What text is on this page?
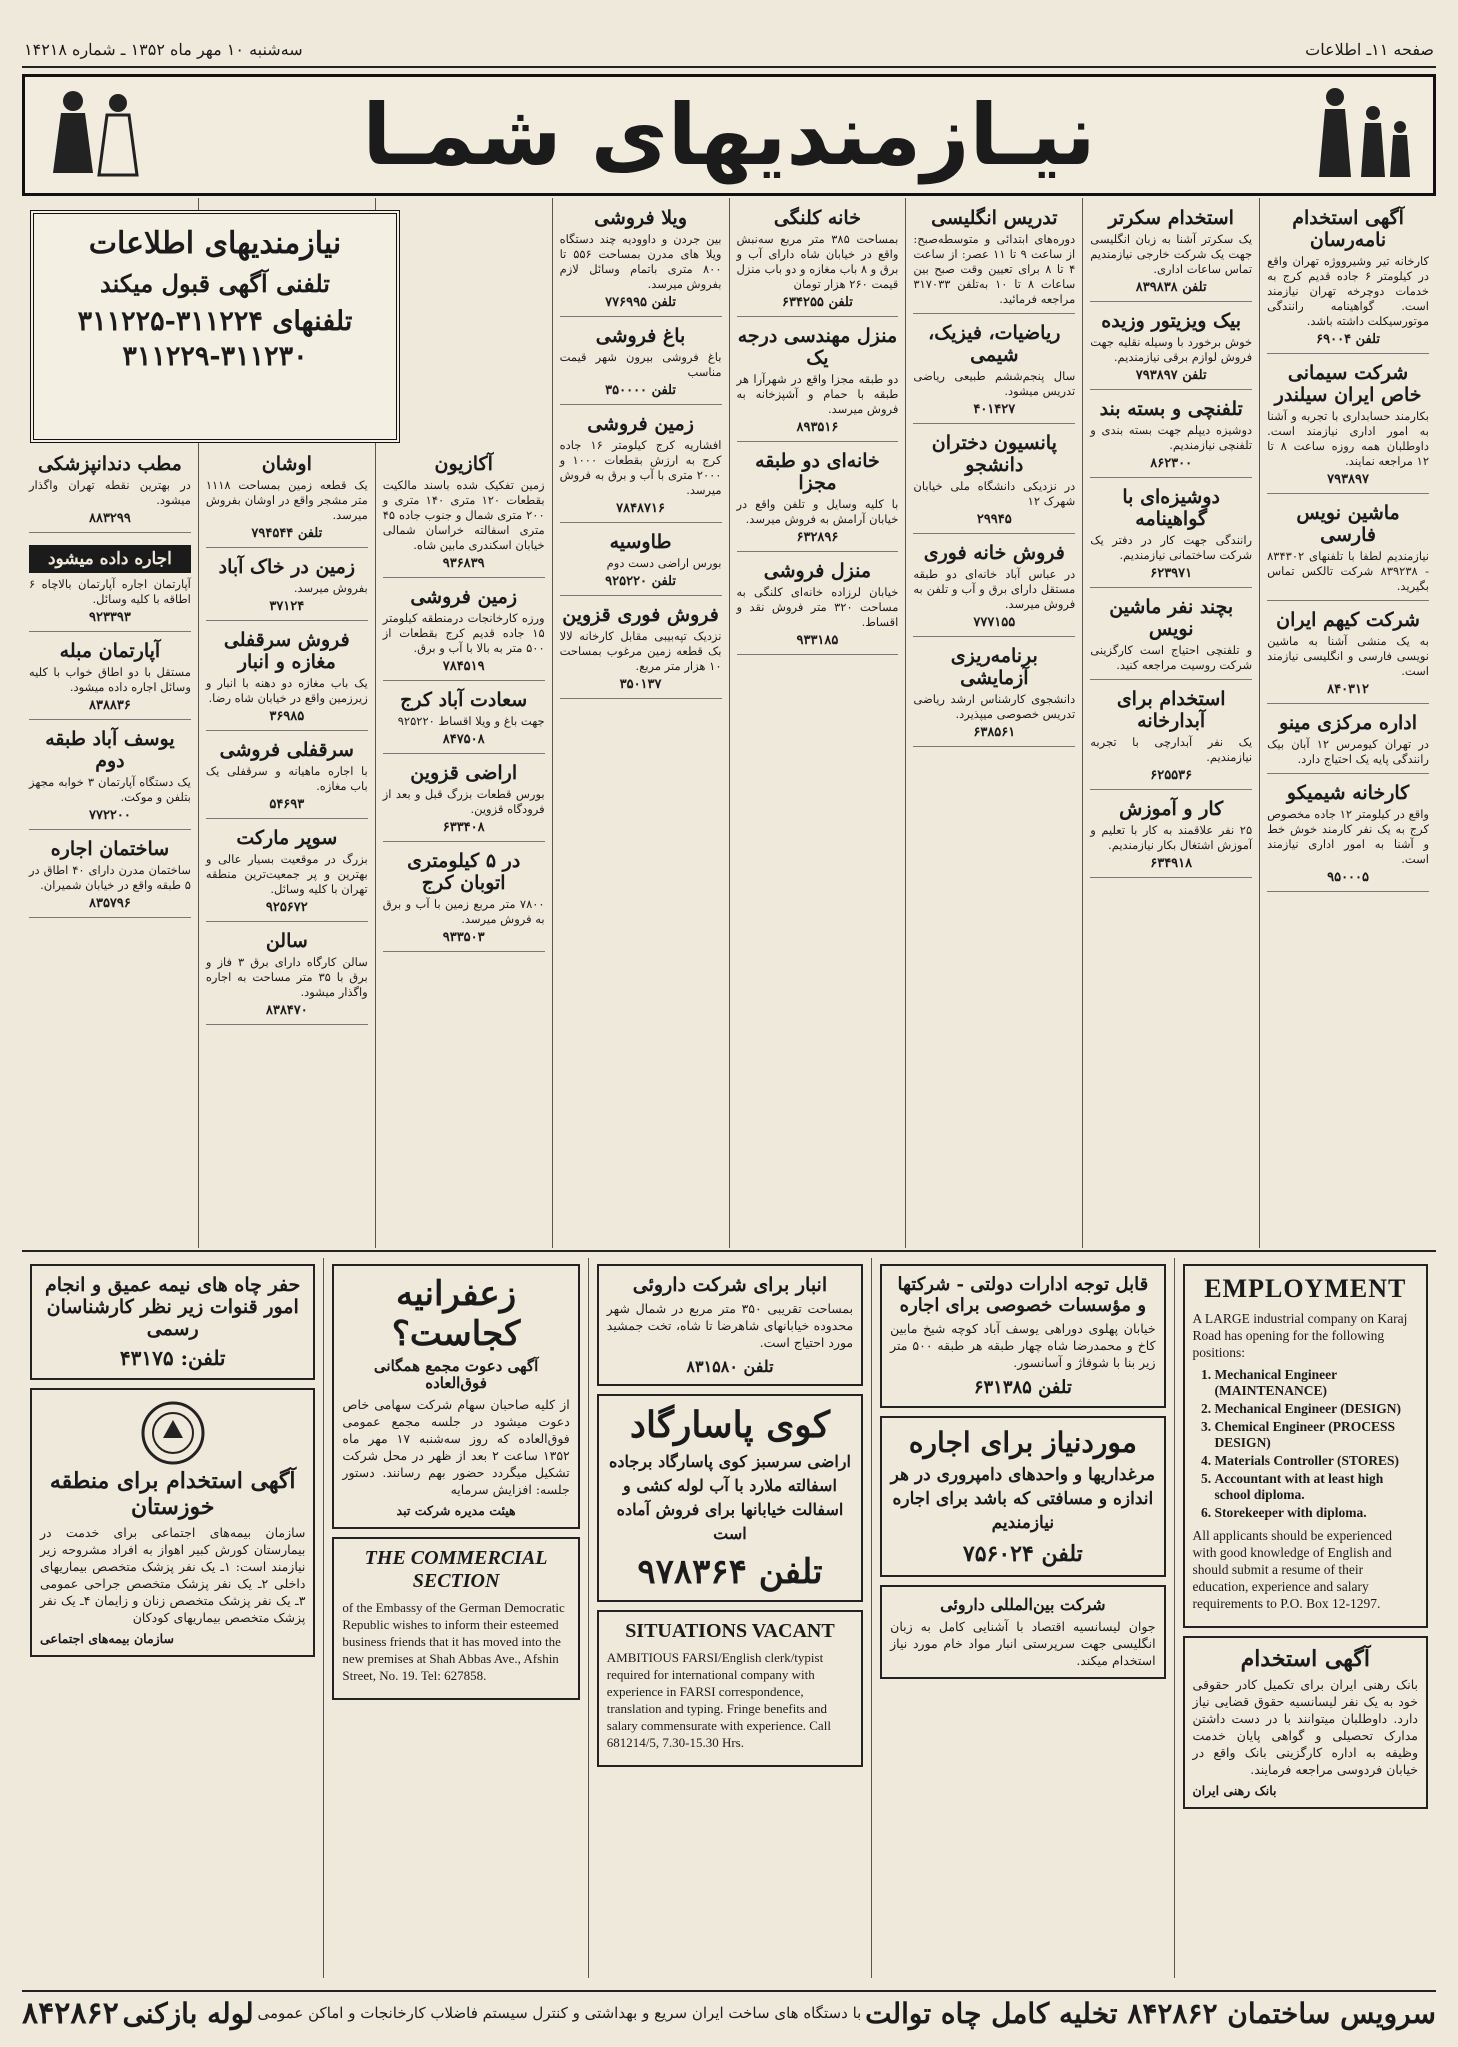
صفحه ۱۱ـ اطلاعات
سه‌شنبه ۱۰ مهر ماه ۱۳۵۲ ـ شماره ۱۴۲۱۸
نیـازمندیهای شمـا
آگهی استخدام نامه‌رسان
کارخانه تیر وشیرووژه تهران واقع در کیلومتر ۶ جاده قدیم کرج به خدمات دوچرخه تهران نیازمند است. گواهینامه رانندگی موتورسیکلت داشته باشد.
تلفن ۶۹۰۰۴
شرکت سیمانی خاص ایران سیلندر
بکارمند حسابداری با تجربه و آشنا به امور اداری نیازمند است. داوطلبان همه روزه ساعت ۸ تا ۱۲ مراجعه نمایند.
۷۹۳۸۹۷
ماشین نویس فارسی
نیازمندیم لطفا با تلفنهای ۸۳۴۳۰۲ - ۸۳۹۲۳۸ شرکت تالکس تماس بگیرید.
شرکت کیهم ایران
به یک منشی آشنا به ماشین نویسی فارسی و انگلیسی نیازمند است.
۸۴۰۳۱۲
اداره مرکزی مینو
در تهران کیومرس ۱۲ آبان بیک رانندگی پایه یک احتیاج دارد.
کارخانه شیمیکو
واقع در کیلومتر ۱۲ جاده مخصوص کرج به یک نفر کارمند خوش خط و آشنا به امور اداری نیازمند است.
۹۵۰۰۰۵
استخدام سکرتر
یک سکرتر آشنا به زبان انگلیسی جهت یک شرکت خارجی نیازمندیم تماس ساعات اداری.
تلفن ۸۳۹۸۳۸
بیک ویزیتور وزیده
خوش برخورد با وسیله نقلیه جهت فروش لوازم برقی نیازمندیم.
تلفن ۷۹۳۸۹۷
تلفنچی و بسته بند
دوشیزه دیپلم جهت بسته بندی و تلفنچی نیازمندیم.
۸۶۲۳۰۰
دوشیزه‌ای با گواهینامه
رانندگی جهت کار در دفتر یک شرکت ساختمانی نیازمندیم.
۶۲۳۹۷۱
بچند نفر ماشین نویس
و تلفنچی احتیاج است کارگزینی شرکت روسیت مراجعه کنید.
استخدام برای آبدارخانه
یک نفر آبدارچی با تجربه نیازمندیم.
۶۲۵۵۳۶
کار و آموزش
۲۵ نفر علاقمند به کار با تعلیم و آموزش اشتغال بکار نیازمندیم.
۶۳۴۹۱۸
تدریس انگلیسی
دوره‌های ابتدائی و متوسطه‌صبح: از ساعت ۹ تا ۱۱ عصر: از ساعت ۴ تا ۸ برای تعیین وقت صبح بین ساعات ۸ تا ۱۰ به‌تلفن ۳۱۷۰۳۳ مراجعه فرمائید.
ریاضیات، فیزیک، شیمی
سال پنجم‌ششم طبیعی ریاضی تدریس میشود.
۴۰۱۴۲۷
پانسیون دختران دانشجو
در نزدیکی دانشگاه ملی خیابان شهرک ۱۲
۲۹۹۴۵
فروش خانه فوری
در عباس آباد خانه‌ای دو طبقه مستقل دارای برق و آب و تلفن به فروش میرسد.
۷۷۷۱۵۵
برنامه‌ریزی آزمایشی
دانشجوی کارشناس ارشد ریاضی تدریس خصوصی میپذیرد.
۶۳۸۵۶۱
خانه کلنگی
بمساحت ۳۸۵ متر مربع سه‌نبش واقع در خیابان شاه دارای آب و برق و ۸ باب مغازه و دو باب منزل قیمت ۲۶۰ هزار تومان
تلفن ۶۳۴۲۵۵
منزل مهندسی درجه یک
دو طبقه مجزا واقع در شهرآرا هر طبقه با حمام و آشپزخانه به فروش میرسد.
۸۹۳۵۱۶
خانه‌ای دو طبقه مجزا
با کلیه وسایل و تلفن واقع در خیابان آرامش به فروش میرسد.
۶۳۲۸۹۶
منزل فروشی
خیابان لرزاده خانه‌ای کلنگی به مساحت ۳۲۰ متر فروش نقد و اقساط.
۹۳۳۱۸۵
ویلا فروشی
بین جردن و داوودیه چند دستگاه ویلا های مدرن بمساحت ۵۵۶ تا ۸۰۰ متری باتمام وسائل لازم بفروش میرسد.
تلفن ۷۷۶۹۹۵
باغ فروشی
باغ فروشی بیرون شهر قیمت مناسب
تلفن ۳۵۰۰۰۰
زمین فروشی
افشاریه کرج کیلومتر ۱۶ جاده کرج به ارزش بقطعات ۱۰۰۰ و ۲۰۰۰ متری با آب و برق به فروش میرسد.
۷۸۴۸۷۱۶
طاوسیه
بورس اراضی دست دوم
تلفن ۹۲۵۲۲۰
فروش فوری قزوین
نزدیک تپه‌بیبی مقابل کارخانه لالا بک قطعه زمین مرغوب بمساحت ۱۰ هزار متر مربع.
۳۵۰۱۳۷
آکازیون
زمین تفکیک شده باسند مالکیت بقطعات ۱۲۰ متری ۱۴۰ متری و ۲۰۰ متری شمال و جنوب جاده ۴۵ متری اسفالته خراسان شمالی خیابان اسکندری مابین شاه.
۹۳۶۸۳۹
زمین فروشی
ورزه کارخانجات درمنطقه کیلومتر ۱۵ جاده قدیم کرج بقطعات از ۵۰۰ متر به بالا با آب و برق.
۷۸۴۵۱۹
سعادت آباد کرج
جهت باغ و ویلا اقساط ۹۲۵۲۲۰
۸۴۷۵۰۸
اراضی قزوین
بورس قطعات بزرگ قبل و بعد از فرودگاه قزوین.
۶۳۳۴۰۸
در ۵ کیلومتری اتوبان کرج
۷۸۰۰ متر مربع زمین با آب و برق به فروش میرسد.
۹۳۳۵۰۳
اوشان
یک قطعه زمین بمساحت ۱۱۱۸ متر مشجر واقع در اوشان بفروش میرسد.
تلفن ۷۹۴۵۴۴
زمین در خاک آباد
بفروش میرسد.
۳۷۱۲۴
فروش سرقفلی مغازه و انبار
یک باب مغازه دو دهنه با انبار و زیرزمین واقع در خیابان شاه رضا.
۳۶۹۸۵
سرقفلی فروشی
با اجاره ماهیانه و سرقفلی یک باب مغازه.
۵۴۶۹۳
سوپر مارکت
بزرگ در موقعیت بسیار عالی و بهترین و پر جمعیت‌ترین منطقه تهران با کلیه وسائل.
۹۲۵۶۷۲
سالن
سالن کارگاه دارای برق ۳ فاز و برق با ۳۵ متر مساحت به اجاره واگذار میشود.
۸۳۸۴۷۰
مطب دندانپزشکی
در بهترین نقطه تهران واگذار میشود.
۸۸۳۲۹۹
اجاره داده میشود
آپارتمان اجاره آپارتمان بالاچاه ۶ اطاقه با کلیه وسائل.
۹۲۳۳۹۳
آپارتمان مبله
مستقل با دو اطاق خواب با کلیه وسائل اجاره داده میشود.
۸۳۸۸۳۶
یوسف آباد طبقه دوم
یک دستگاه آپارتمان ۳ خوابه مجهز بتلفن و موکت.
۷۷۲۲۰۰
ساختمان اجاره
ساختمان مدرن دارای ۴۰ اطاق در ۵ طبقه واقع در خیابان شمیران.
۸۳۵۷۹۶
نیازمندیهای اطلاعات
تلفنی آگهی قبول میکند
تلفنهای ۳۱۱۲۲۴-۳۱۱۲۲۵
۳۱۱۲۲۹-۳۱۱۲۳۰
EMPLOYMENT

A LARGE industrial company on Karaj Road has opening for the following positions:

1. Mechanical Engineer (MAINTENANCE)
2. Mechanical Engineer (DESIGN)
3. Chemical Engineer (PROCESS DESIGN)
4. Materials Controller (STORES)
5. Accountant with at least high school diploma.
6. Storekeeper with diploma.

All applicants should be experienced with good knowledge of English and should submit a resume of their education, experience and salary requirements to P.O. Box 12-1297.

آگهی استخدام
بانک رهنی ایران برای تکمیل کادر حقوقی خود به یک نفر لیسانسیه حقوق قضایی نیاز دارد. داوطلبان میتوانند با در دست داشتن مدارک تحصیلی و گواهی پایان خدمت وظیفه به اداره کارگزینی بانک واقع در خیابان فردوسی مراجعه فرمایند.
بانک رهنی ایران
قابل توجه ادارات دولتی - شرکتها و مؤسسات خصوصی برای اجاره
خیابان پهلوی دوراهی یوسف آباد کوچه شیخ مابین کاخ و محمدرضا شاه چهار طبقه هر طبقه ۵۰۰ متر زیر بنا با شوفاژ و آسانسور.
تلفن ۶۳۱۳۸۵
موردنیاز برای اجاره
مرغداریها و واحدهای دامپروری در هر اندازه و مسافتی که باشد برای اجاره نیازمندیم
تلفن ۷۵۶۰۲۴
شرکت بین‌المللی داروئی
جوان لیسانسیه اقتصاد با آشنایی کامل به زبان انگلیسی جهت سرپرستی انبار مواد خام مورد نیاز استخدام میکند.
انبار برای شرکت داروئی
بمساحت تقریبی ۳۵۰ متر مربع در شمال شهر محدوده خیابانهای شاهرضا تا شاه، تخت جمشید مورد احتیاج است.
تلفن ۸۳۱۵۸۰
کوی پاسارگاد
اراضی سرسبز کوی پاسارگاد برجاده اسفالته ملارد با آب لوله کشی و اسفالت خیابانها برای فروش آماده است
تلفن ۹۷۸۳۶۴
SITUATIONS VACANT

AMBITIOUS FARSI/English clerk/typist required for international company with experience in FARSI correspondence, translation and typing. Fringe benefits and salary commensurate with experience. Call 681214/5, 7.30-15.30 Hrs.

زعفرانیه کجاست؟
آگهی دعوت مجمع همگانی فوق‌العاده
از کلیه صاحبان سهام شرکت سهامی خاص دعوت میشود در جلسه مجمع عمومی فوق‌العاده که روز سه‌شنبه ۱۷ مهر ماه ۱۳۵۲ ساعت ۲ بعد از ظهر در محل شرکت تشکیل میگردد حضور بهم رسانند. دستور جلسه: افزایش سرمایه
هیئت مدیره شرکت تبد
THE COMMERCIAL SECTION

of the Embassy of the German Democratic Republic wishes to inform their esteemed business friends that it has moved into the new premises at Shah Abbas Ave., Afshin Street, No. 19. Tel: 627858.

حفر چاه های نیمه عمیق و انجام امور قنوات زیر نظر کارشناسان رسمی
تلفن: ۴۳۱۷۵
آگهی استخدام برای منطقه خوزستان
سازمان بیمه‌های اجتماعی برای خدمت در بیمارستان کورش کبیر اهواز به افراد مشروحه زیر نیازمند است: ۱ـ یک نفر پزشک متخصص بیماریهای داخلی ۲ـ یک نفر پزشک متخصص جراحی عمومی ۳ـ یک نفر پزشک متخصص زنان و زایمان ۴ـ یک نفر پزشک متخصص بیماریهای کودکان
سازمان بیمه‌های اجتماعی
سرویس ساختمان ۸۴۲۸۶۲ تخلیه کامل چاه توالت
با دستگاه های ساخت ایران سریع و بهداشتی و کنترل سیستم فاضلاب کارخانجات و اماکن عمومی
لوله بازکنی
۸۴۲۸۶۲
